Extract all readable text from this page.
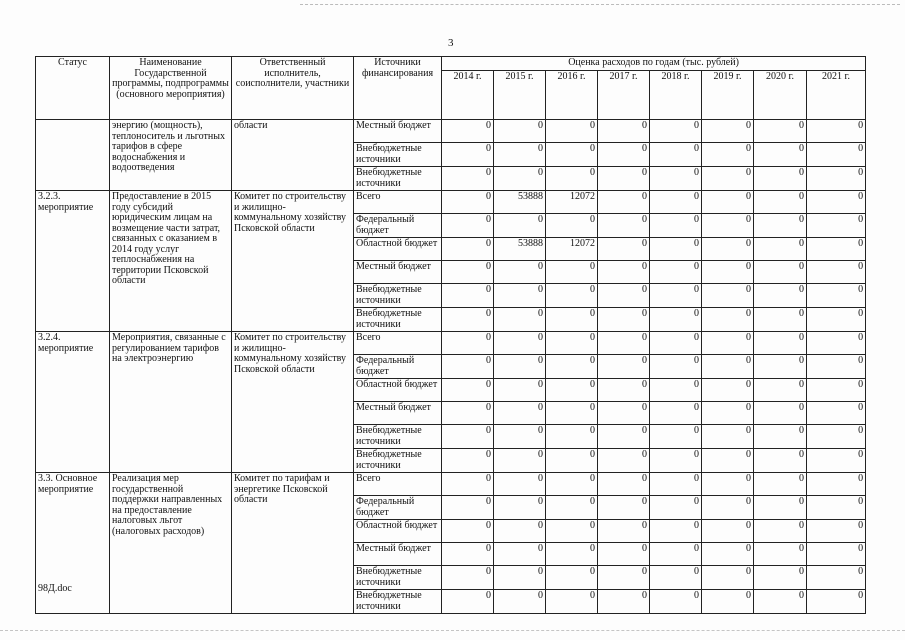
3
Статус	Наименование Государственной программы, подпрограммы (основного мероприятия)	Ответственный исполнитель, соисполнители, участники	Источники финансирования	Оценка расходов по годам (тыс. рублей)							
				2014 г.	2015 г.	2016 г.	2017 г.	2018 г.	2019 г.	2020 г.	2021 г.
	энергию (мощность), теплоноситель и льготных тарифов в сфере водоснабжения и водоотведения	области	Местный бюджет	0	0	0	0	0	0	0	0
			Внебюджетные источники	0	0	0	0	0	0	0	0
			Внебюджетные источники	0	0	0	0	0	0	0	0
3.2.3. мероприятие	Предоставление в 2015 году субсидий юридическим лицам на возмещение части затрат, связанных с оказанием в 2014 году услуг теплоснабжения на территории Псковской области	Комитет по строительству и жилищно-коммунальному хозяйству Псковской области	Всего	0	53888	12072	0	0	0	0	0
			Федеральный бюджет	0	0	0	0	0	0	0	0
			Областной бюджет	0	53888	12072	0	0	0	0	0
			Местный бюджет	0	0	0	0	0	0	0	0
			Внебюджетные источники	0	0	0	0	0	0	0	0
			Внебюджетные источники	0	0	0	0	0	0	0	0
3.2.4. мероприятие	Мероприятия, связанные с регулированием тарифов на электроэнергию	Комитет по строительству и жилищно-коммунальному хозяйству Псковской области	Всего	0	0	0	0	0	0	0	0
			Федеральный бюджет	0	0	0	0	0	0	0	0
			Областной бюджет	0	0	0	0	0	0	0	0
			Местный бюджет	0	0	0	0	0	0	0	0
			Внебюджетные источники	0	0	0	0	0	0	0	0
			Внебюджетные источники	0	0	0	0	0	0	0	0
3.3. Основное мероприятие	Реализация мер государственной поддержки направленных на предоставление налоговых льгот (налоговых расходов)	Комитет по тарифам и энергетике Псковской области	Всего	0	0	0	0	0	0	0	0
			Федеральный бюджет	0	0	0	0	0	0	0	0
			Областной бюджет	0	0	0	0	0	0	0	0
			Местный бюджет	0	0	0	0	0	0	0	0
			Внебюджетные источники	0	0	0	0	0	0	0	0
			Внебюджетные источники	0	0	0	0	0	0	0	0
98Д.doc
